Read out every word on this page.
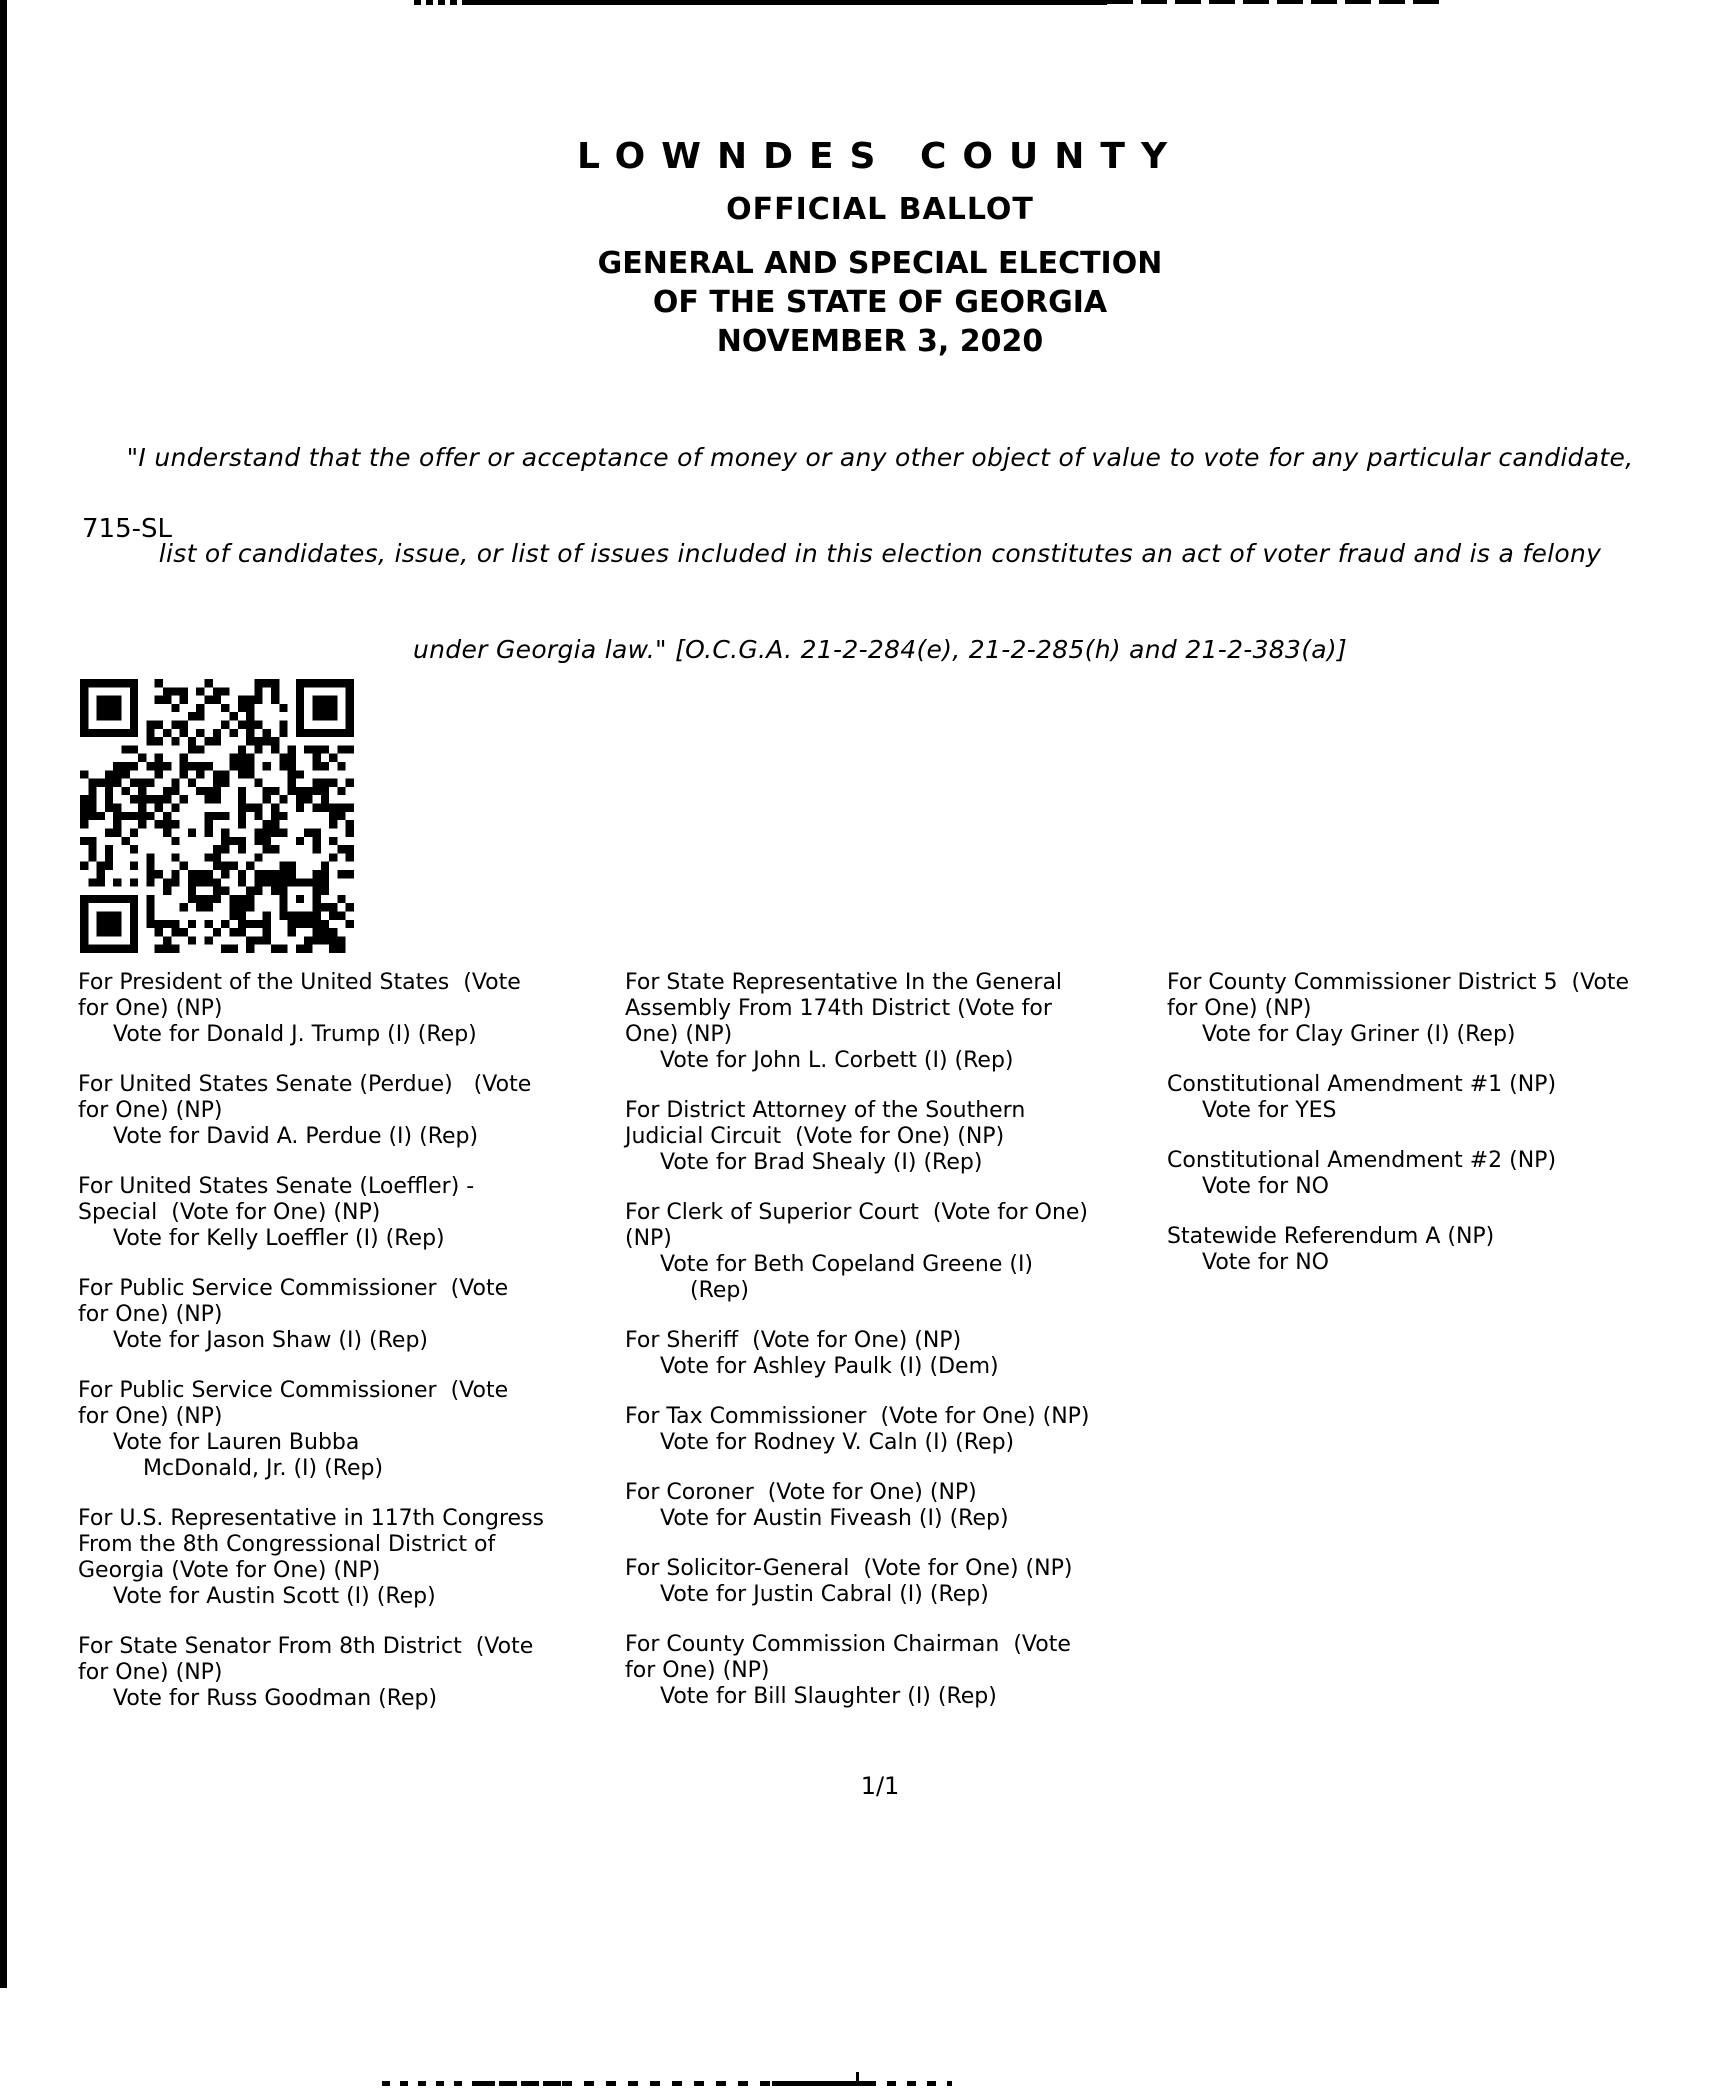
LOWNDES COUNTY
OFFICIAL BALLOT
GENERAL AND SPECIAL ELECTION
OF THE STATE OF GEORGIA
NOVEMBER 3, 2020

"I understand that the offer or acceptance of money or any other object of value to vote for any particular candidate,

list of candidates, issue, or list of issues included in this election constitutes an act of voter fraud and is a felony

under Georgia law." [O.C.G.A. 21-2-284(e), 21-2-285(h) and 21-2-383(a)]

715-SL
For President of the United States  (Vote
for One) (NP)
Vote for Donald J. Trump (I) (Rep)
For United States Senate (Perdue)   (Vote
for One) (NP)
Vote for David A. Perdue (I) (Rep)
For United States Senate (Loeffler) -
Special  (Vote for One) (NP)
Vote for Kelly Loeffler (I) (Rep)
For Public Service Commissioner  (Vote
for One) (NP)
Vote for Jason Shaw (I) (Rep)
For Public Service Commissioner  (Vote
for One) (NP)
Vote for Lauren Bubba
McDonald, Jr. (I) (Rep)
For U.S. Representative in 117th Congress
From the 8th Congressional District of
Georgia (Vote for One) (NP)
Vote for Austin Scott (I) (Rep)
For State Senator From 8th District  (Vote
for One) (NP)
Vote for Russ Goodman (Rep)
For State Representative In the General
Assembly From 174th District (Vote for
One) (NP)
Vote for John L. Corbett (I) (Rep)
For District Attorney of the Southern
Judicial Circuit  (Vote for One) (NP)
Vote for Brad Shealy (I) (Rep)
For Clerk of Superior Court  (Vote for One)
(NP)
Vote for Beth Copeland Greene (I)
(Rep)
For Sheriff  (Vote for One) (NP)
Vote for Ashley Paulk (I) (Dem)
For Tax Commissioner  (Vote for One) (NP)
Vote for Rodney V. Caln (I) (Rep)
For Coroner  (Vote for One) (NP)
Vote for Austin Fiveash (I) (Rep)
For Solicitor-General  (Vote for One) (NP)
Vote for Justin Cabral (I) (Rep)
For County Commission Chairman  (Vote
for One) (NP)
Vote for Bill Slaughter (I) (Rep)
For County Commissioner District 5  (Vote
for One) (NP)
Vote for Clay Griner (I) (Rep)
Constitutional Amendment #1 (NP)
Vote for YES
Constitutional Amendment #2 (NP)
Vote for NO
Statewide Referendum A (NP)
Vote for NO
1/1
